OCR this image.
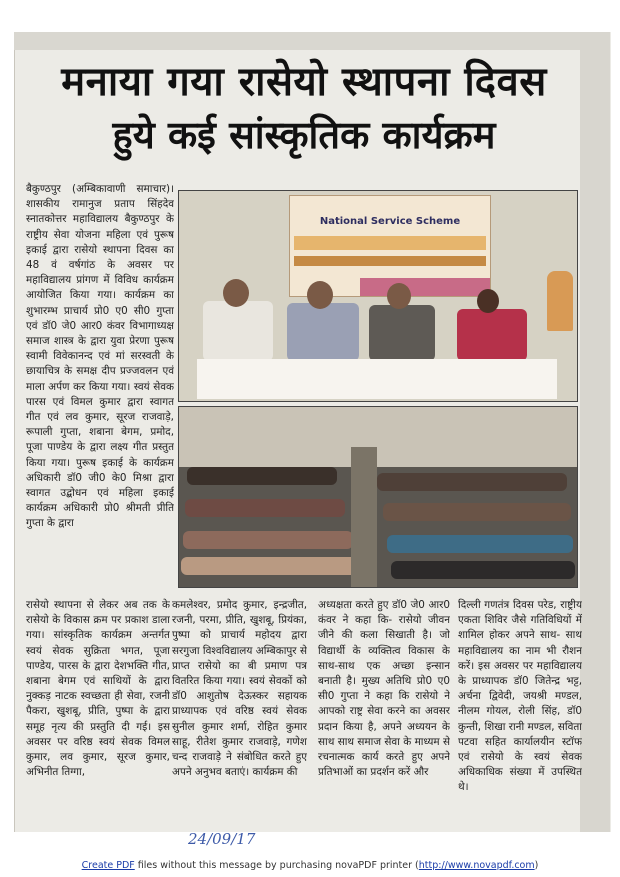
मनाया गया रासेयो स्थापना दिवस
हुये कई सांस्कृतिक कार्यक्रम
बैकुण्ठपुर (अम्बिकावाणी समाचार)। शासकीय रामानुज प्रताप सिंहदेव स्नातकोत्तर महाविद्यालय बैकुण्ठपुर के राष्ट्रीय सेवा योजना महिला एवं पुरूष इकाई द्वारा रासेयो स्थापना दिवस का 48 वं वर्षगांठ के अवसर पर महाविद्यालय प्रांगण में विविध कार्यक्रम आयोजित किया गया। कार्यक्रम का शुभारम्भ प्राचार्य प्रो0 ए0 सी0 गुप्ता एवं डॉ0 जे0 आर0 कंवर विभागाध्यक्ष समाज शास्त्र के द्वारा युवा प्रेरणा पुरूष स्वामी विवेकानन्द एवं मां सरस्वती के छायाचित्र के समक्ष दीप प्रज्जवलन एवं माला अर्पण कर किया गया। स्वयं सेवक पारस एवं विमल कुमार द्वारा स्वागत गीत एवं लव कुमार, सूरज राजवाड़े, रूपाली गुप्ता, शबाना बेगम, प्रमोद, पूजा पाण्डेय के द्वारा लक्ष्य गीत प्रस्तुत किया गया। पुरूष इकाई के कार्यक्रम अधिकारी डॉ0 जी0 के0 मिश्रा द्वारा स्वागत उद्बोधन एवं महिला इकाई कार्यक्रम अधिकारी प्रो0 श्रीमती प्रीति गुप्ता के द्वारा
National Service Scheme
रासेयो स्थापना से लेकर अब तक के रासेयो के विकास क्रम पर प्रकाश डाला गया। सांस्कृतिक कार्यक्रम अन्तर्गत स्वयं सेवक सुक्रिता भगत, पूजा पाण्डेय, पारस के द्वारा देशभक्ति गीत, शबाना बेगम एवं साथियों के द्वारा नुक्कड़ नाटक स्वच्छता ही सेवा, रजनी पैकरा, खुशबू, प्रीति, पुष्पा के द्वारा समूह नृत्य की प्रस्तुति दी गई। इस अवसर पर वरिष्ठ स्वयं सेवक विमल कुमार, लव कुमार, सूरज कुमार, अभिनीत तिग्गा,
कमलेश्वर, प्रमोद कुमार, इन्द्रजीत, रजनी, परमा, प्रीति, खुशबू, प्रियंका, पुष्पा को प्राचार्य महोदय द्वारा सरगुजा विश्वविद्यालय अम्बिकापुर से प्राप्त रासेयो का बी प्रमाण पत्र वितरित किया गया। स्वयं सेवकों को डॉ0 आशुतोष देऊस्कर सहायक प्राध्यापक एवं वरिष्ठ स्वयं सेवक सुनील कुमार शर्मा, रोहित कुमार साहू, रीतेश कुमार राजवाड़े, गणेश चन्द राजवाड़े ने संबोधित करते हुए अपने अनुभव बताएं। कार्यक्रम की
अध्यक्षता करते हुए डॉ0 जे0 आर0 कंवर ने कहा कि- रासेयो जीवन जीने की कला सिखाती है। जो विद्यार्थी के व्यक्तित्व विकास के साथ-साथ एक अच्छा इन्सान बनाती है। मुख्य अतिथि प्रो0 ए0 सी0 गुप्ता ने कहा कि रासेयो ने आपको राष्ट्र सेवा करने का अवसर प्रदान किया है, अपने अध्ययन के साथ साथ समाज सेवा के माध्यम से रचनात्मक कार्य करते हुए अपने प्रतिभाओं का प्रदर्शन करें और
दिल्ली गणतंत्र दिवस परेड, राष्ट्रीय एकता शिविर जैसे गतिविधियों में शामिल होकर अपने साथ- साथ महाविद्यालय का नाम भी रौशन करें। इस अवसर पर महाविद्यालय के प्राध्यापक डॉ0 जितेन्द्र भट्ट, अर्चना द्विवेदी, जयश्री मण्डल, नीलम गोयल, रोली सिंह, डॉ0 कुन्ती, शिखा रानी मण्डल, सविता पटवा सहित कार्यालयीन स्टॉफ एवं रासेयो के स्वयं सेवक अधिकाधिक संख्या में उपस्थित थे।
24/09/17
Create PDF files without this message by purchasing novaPDF printer (http://www.novapdf.com)
